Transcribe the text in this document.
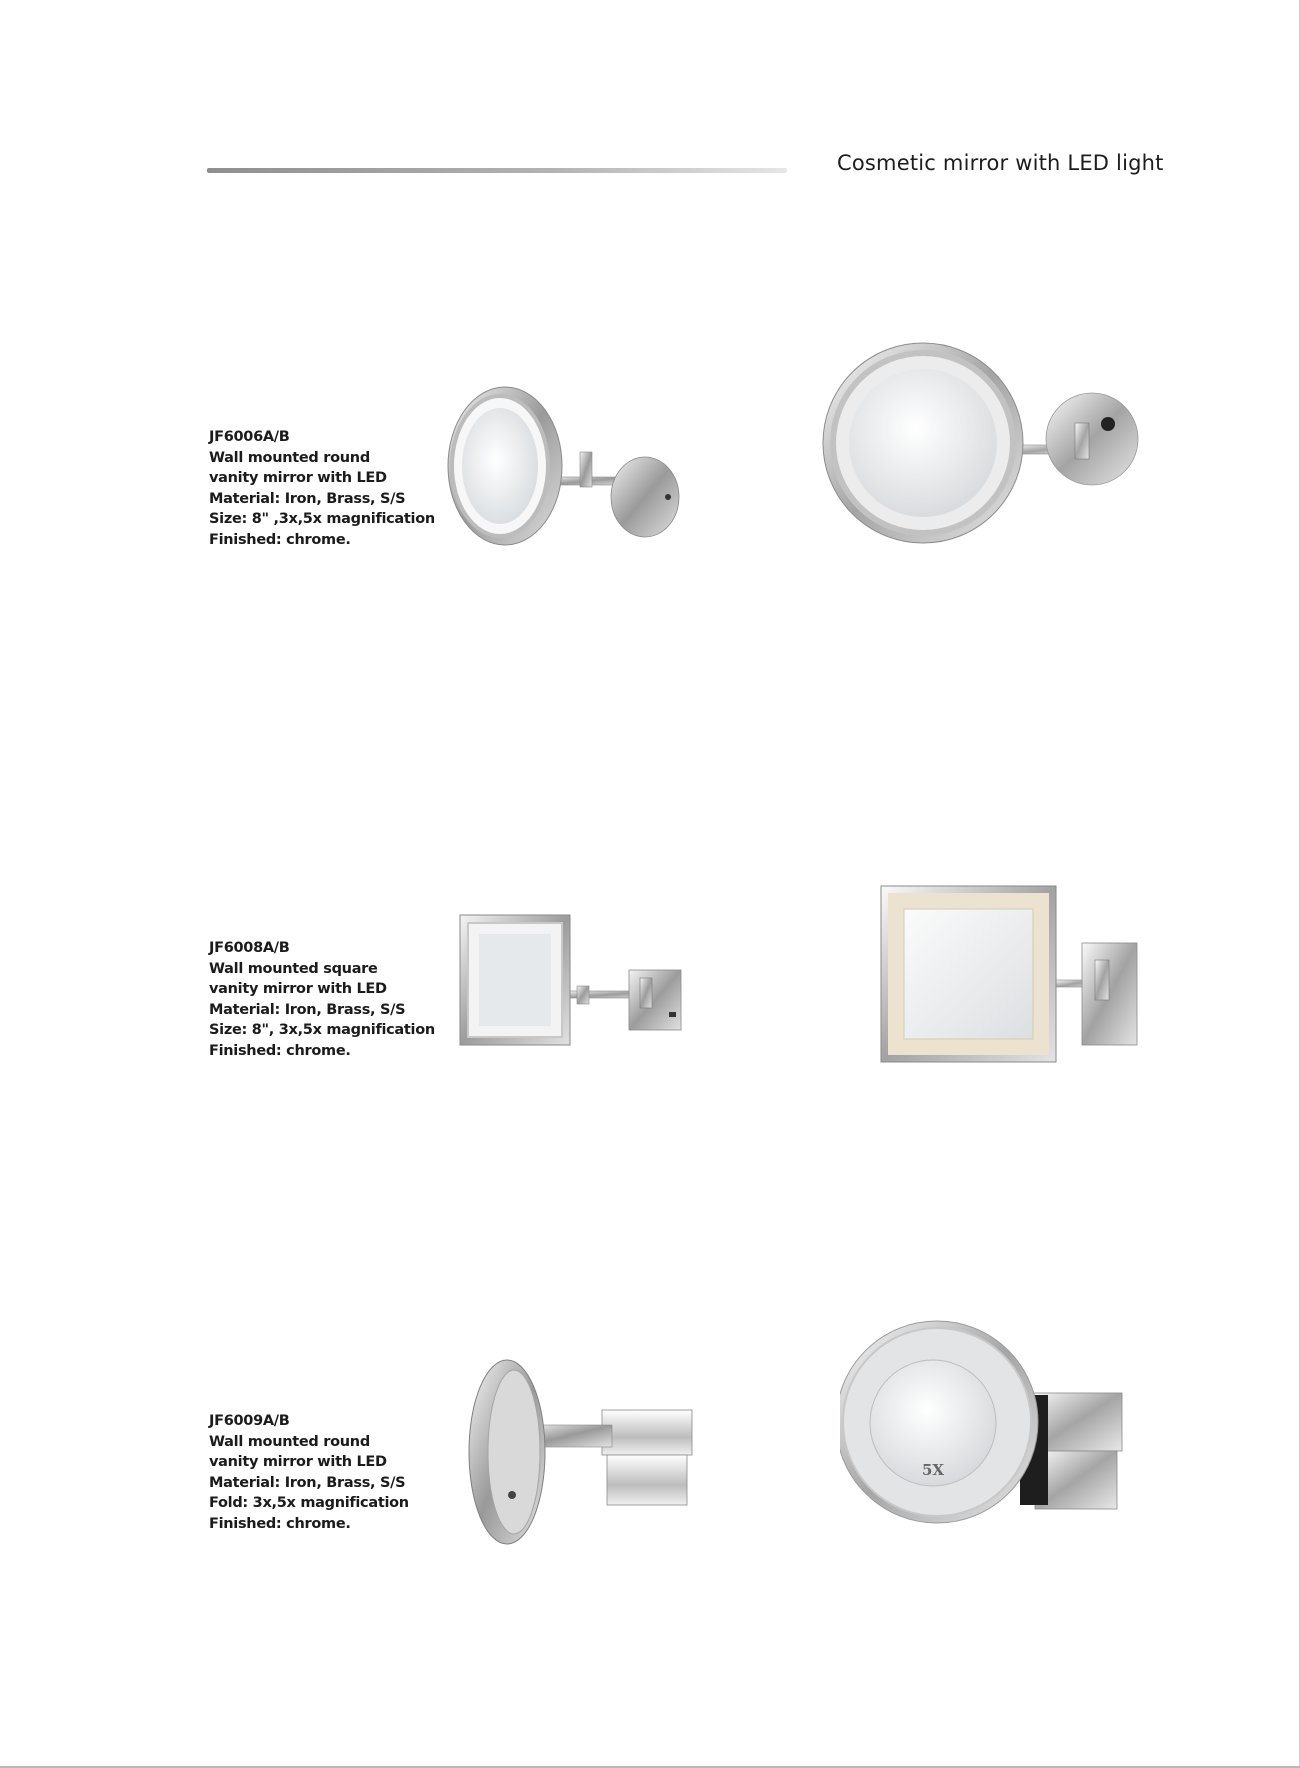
Cosmetic mirror with LED light
JF6006A/B
Wall mounted round
vanity mirror with LED
Material: Iron, Brass, S/S
Size: 8" ,3x,5x magnification
Finished: chrome.
JF6008A/B
Wall mounted square
vanity mirror with LED
Material: Iron, Brass, S/S
Size: 8", 3x,5x magnification
Finished: chrome.
JF6009A/B
Wall mounted round
vanity mirror with LED
Material: Iron, Brass, S/S
Fold: 3x,5x magnification
Finished: chrome.
5X
